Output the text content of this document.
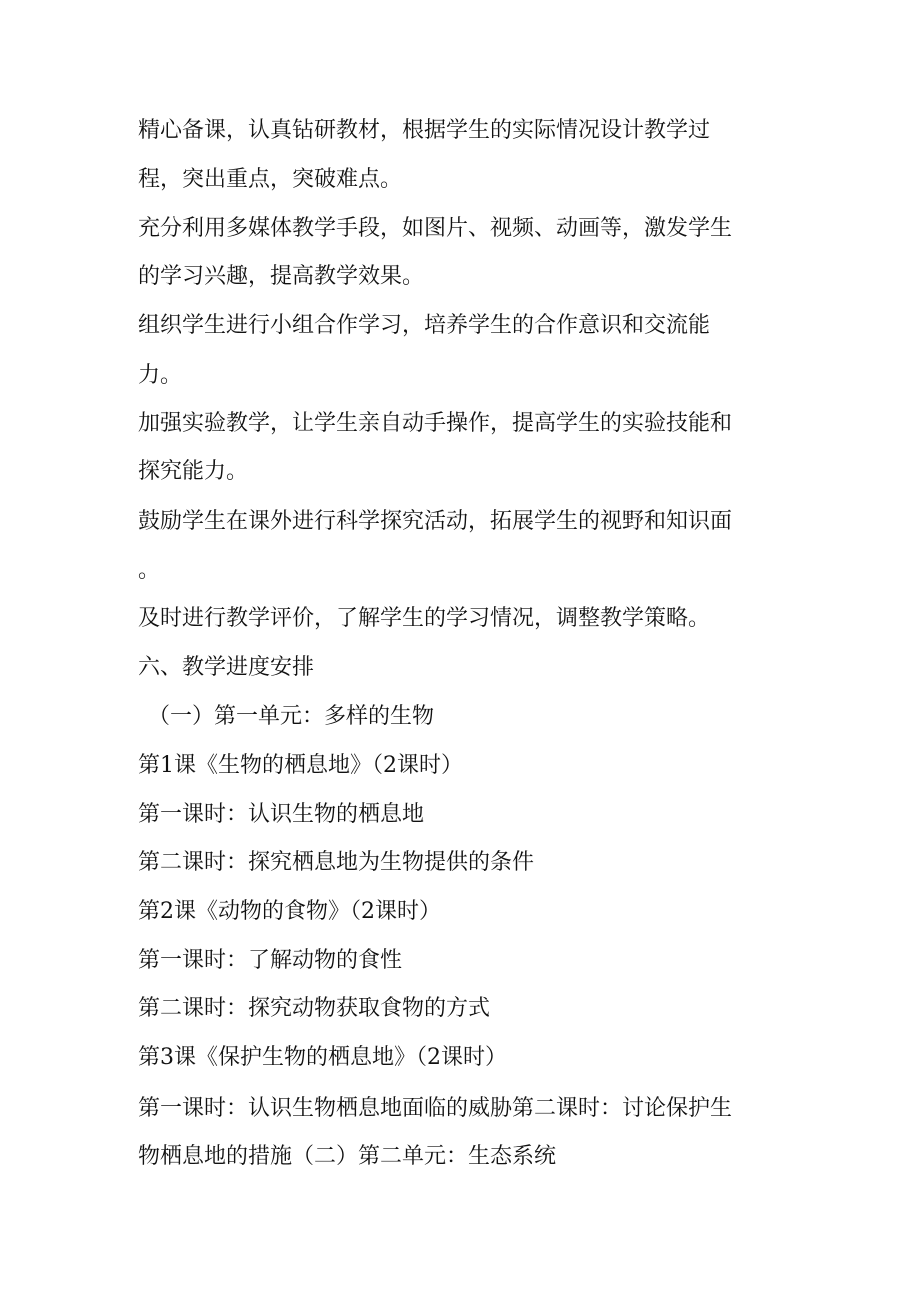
精心备课，认真钻研教材，根据学生的实际情况设计教学过

程，突出重点，突破难点。

充分利用多媒体教学手段，如图片、视频、动画等，激发学生

的学习兴趣，提高教学效果。

组织学生进行小组合作学习，培养学生的合作意识和交流能

力。

加强实验教学，让学生亲自动手操作，提高学生的实验技能和

探究能力。

鼓励学生在课外进行科学探究活动，拓展学生的视野和知识面

。

及时进行教学评价，了解学生的学习情况，调整教学策略。

六、教学进度安排

（一）第一单元：多样的生物

第1课《生物的栖息地》（2课时）

第一课时：认识生物的栖息地

第二课时：探究栖息地为生物提供的条件

第2课《动物的食物》（2课时）

第一课时：了解动物的食性

第二课时：探究动物获取食物的方式

第3课《保护生物的栖息地》（2课时）

第一课时：认识生物栖息地面临的威胁第二课时：讨论保护生

物栖息地的措施（二）第二单元：生态系统
